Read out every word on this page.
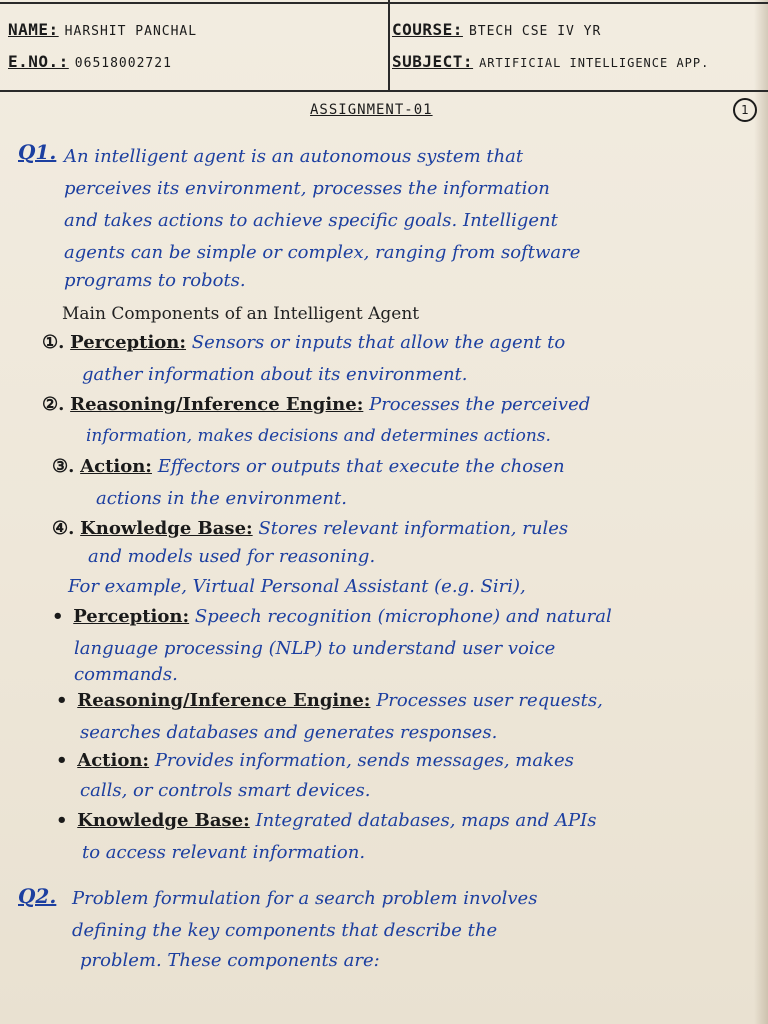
NAME: HARSHIT PANCHAL
E.NO.: 06518002721
COURSE: BTECH CSE IV YR
SUBJECT: ARTIFICIAL INTELLIGENCE APP.
ASSIGNMENT-01	1
Q1. An intelligent agent is an autonomous system that
perceives its environment, processes the information
and takes actions to achieve specific goals. Intelligent
agents can be simple or complex, ranging from software
programs to robots.
Main Components of an Intelligent Agent
①. Perception: Sensors or inputs that allow the agent to
gather information about its environment.
②. Reasoning/Inference Engine: Processes the perceived
information, makes decisions and determines actions.
③. Action: Effectors or outputs that execute the chosen
actions in the environment.
④. Knowledge Base: Stores relevant information, rules
and models used for reasoning.
For example, Virtual Personal Assistant (e.g. Siri),
• Perception: Speech recognition (microphone) and natural
language processing (NLP) to understand user voice
commands.
• Reasoning/Inference Engine: Processes user requests,
searches databases and generates responses.
• Action: Provides information, sends messages, makes
calls, or controls smart devices.
• Knowledge Base: Integrated databases, maps and APIs
to access relevant information.
Q2. Problem formulation for a search problem involves
defining the key components that describe the
problem. These components are:
